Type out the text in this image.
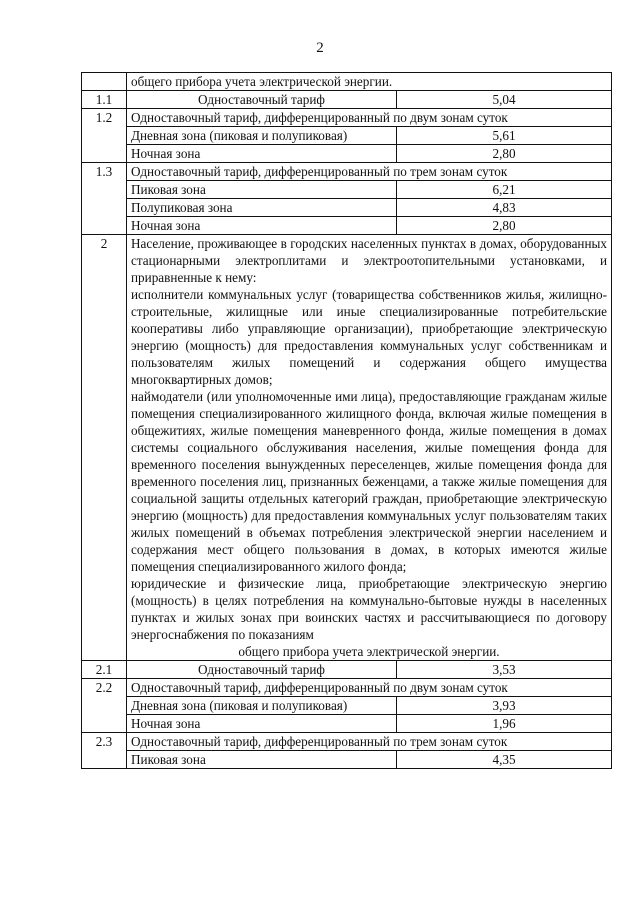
2
	общего прибора учета электрической энергии.	
1.1	Одноставочный тариф	5,04
1.2	Одноставочный тариф, дифференцированный по двум зонам суток	
	Дневная зона (пиковая и полупиковая)	5,61
	Ночная зона	2,80
1.3	Одноставочный тариф, дифференцированный по трем зонам суток	
	Пиковая зона	6,21
	Полупиковая зона	4,83
	Ночная зона	2,80
2	Население, проживающее в городских населенных пунктах в домах, оборудованных стационарными электроплитами и электроотопительными установками, и приравненные к нему:

исполнители коммунальных услуг (товарищества собственников жилья, жилищно-строительные, жилищные или иные специализированные потребительские кооперативы либо управляющие организации), приобретающие электрическую энергию (мощность) для предоставления коммунальных услуг собственникам и пользователям жилых помещений и содержания общего имущества многоквартирных домов;

наймодатели (или уполномоченные ими лица), предоставляющие гражданам жилые помещения специализированного жилищного фонда, включая жилые помещения в общежитиях, жилые помещения маневренного фонда, жилые помещения в домах системы социального обслуживания населения, жилые помещения фонда для временного поселения вынужденных переселенцев, жилые помещения фонда для временного поселения лиц, признанных беженцами, а также жилые помещения для социальной защиты отдельных категорий граждан, приобретающие электрическую энергию (мощность) для предоставления коммунальных услуг пользователям таких жилых помещений в объемах потребления электрической энергии населением и содержания мест общего пользования в домах, в которых имеются жилые помещения специализированного жилого фонда;

юридические и физические лица, приобретающие электрическую энергию (мощность) в целях потребления на коммунально-бытовые нужды в населенных пунктах и жилых зонах при воинских частях и рассчитывающиеся по договору энергоснабжения по показаниям

общего прибора учета электрической энергии.	

2.1	Одноставочный тариф	3,53
2.2	Одноставочный тариф, дифференцированный по двум зонам суток	
	Дневная зона (пиковая и полупиковая)	3,93
	Ночная зона	1,96
2.3	Одноставочный тариф, дифференцированный по трем зонам суток	
	Пиковая зона	4,35
